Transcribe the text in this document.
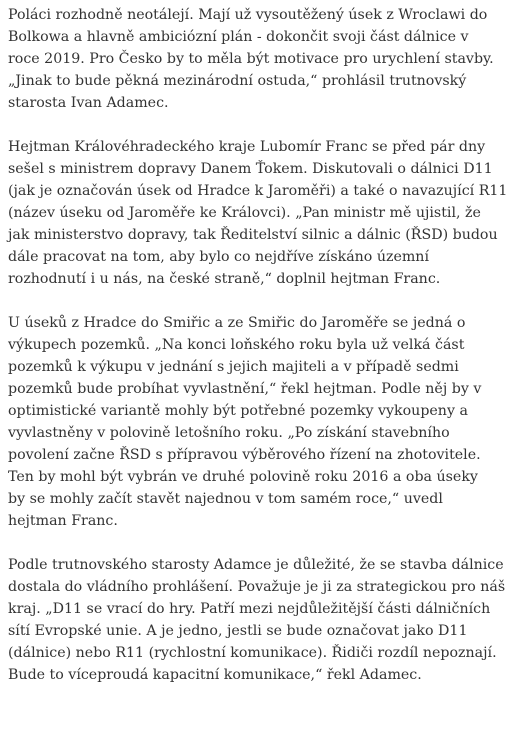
Poláci rozhodně neotálejí. Mají už vysoutěžený úsek z Wroclawi do
Bolkowa a hlavně ambiciózní plán - dokončit svoji část dálnice v
roce 2019. Pro Česko by to měla být motivace pro urychlení stavby.
„Jinak to bude pěkná mezinárodní ostuda,“ prohlásil trutnovský
starosta Ivan Adamec.

Hejtman Královéhradeckého kraje Lubomír Franc se před pár dny
sešel s ministrem dopravy Danem Ťokem. Diskutovali o dálnici D11
(jak je označován úsek od Hradce k Jaroměři) a také o navazující R11
(název úseku od Jaroměře ke Královci). „Pan ministr mě ujistil, že
jak ministerstvo dopravy, tak Ředitelství silnic a dálnic (ŘSD) budou
dále pracovat na tom, aby bylo co nejdříve získáno územní
rozhodnutí i u nás, na české straně,“ doplnil hejtman Franc.

U úseků z Hradce do Smiřic a ze Smiřic do Jaroměře se jedná o
výkupech pozemků. „Na konci loňského roku byla už velká část
pozemků k výkupu v jednání s jejich majiteli a v případě sedmi
pozemků bude probíhat vyvlastnění,“ řekl hejtman. Podle něj by v
optimistické variantě mohly být potřebné pozemky vykoupeny a
vyvlastněny v polovině letošního roku. „Po získání stavebního
povolení začne ŘSD s přípravou výběrového řízení na zhotovitele.
Ten by mohl být vybrán ve druhé polovině roku 2016 a oba úseky
by se mohly začít stavět najednou v tom samém roce,“ uvedl
hejtman Franc.

Podle trutnovského starosty Adamce je důležité, že se stavba dálnice
dostala do vládního prohlášení. Považuje je ji za strategickou pro náš
kraj. „D11 se vrací do hry. Patří mezi nejdůležitější části dálničních
sítí Evropské unie. A je jedno, jestli se bude označovat jako D11
(dálnice) nebo R11 (rychlostní komunikace). Řidiči rozdíl nepoznají.
Bude to víceproudá kapacitní komunikace,“ řekl Adamec.
